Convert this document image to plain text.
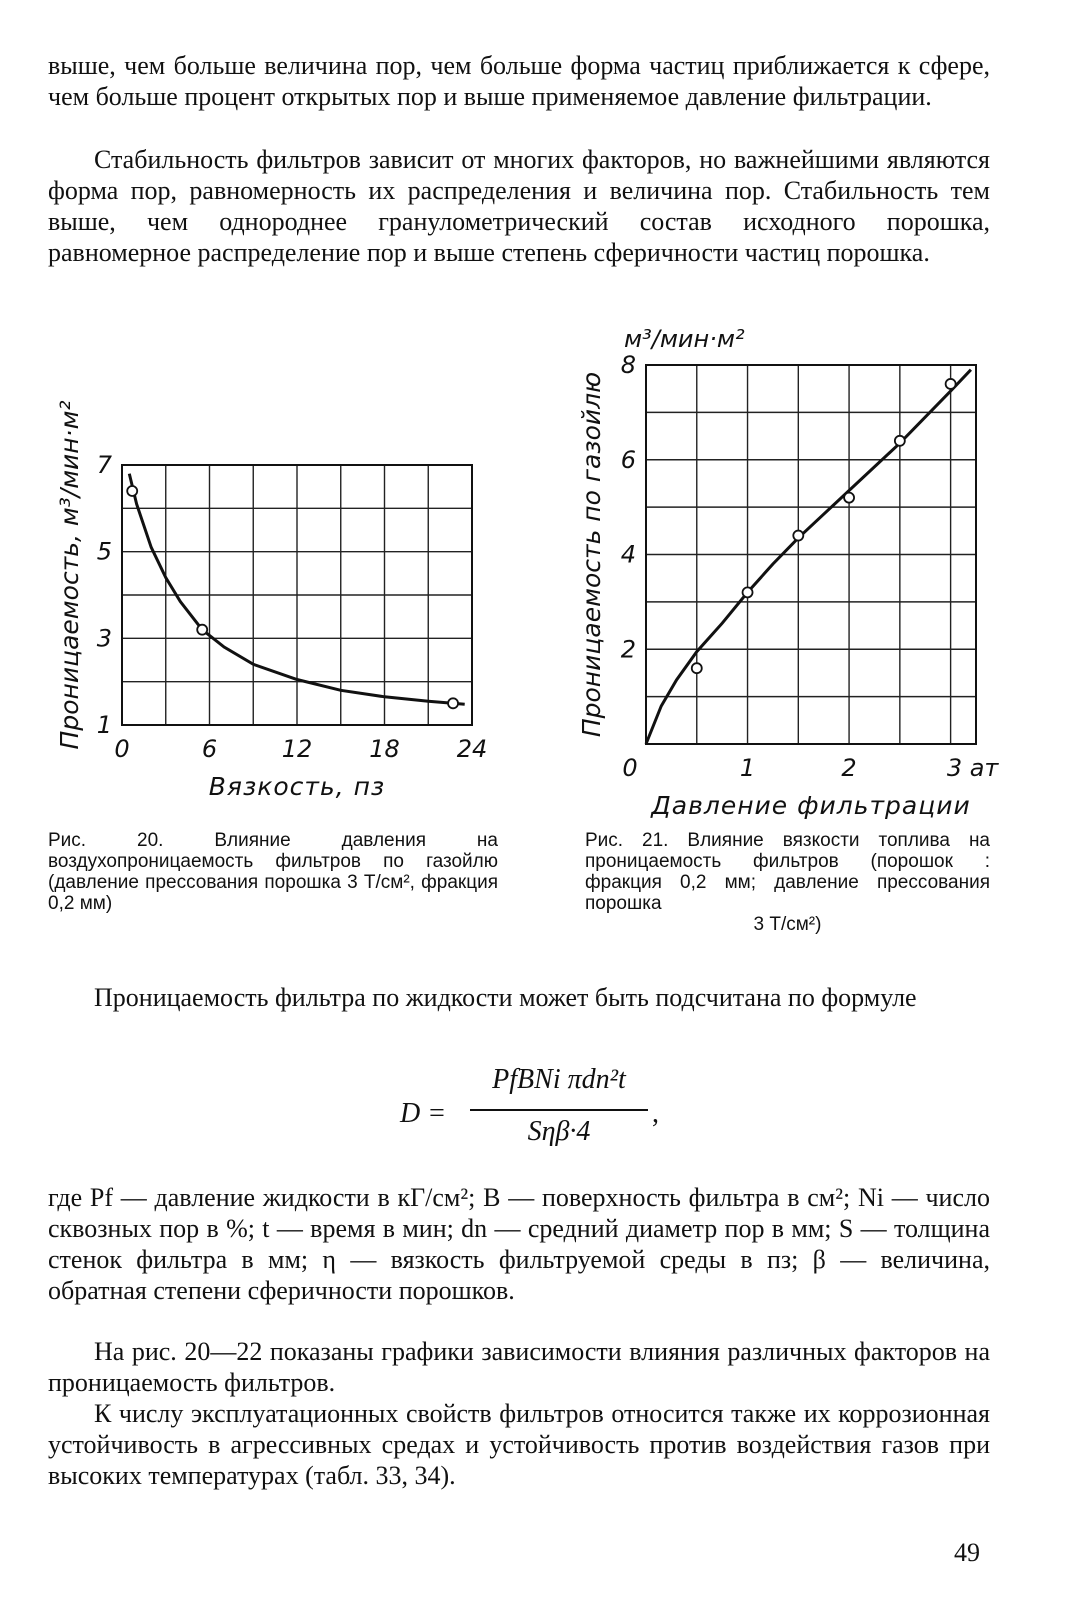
выше, чем больше величина пор, чем больше форма частиц приближается к сфере, чем больше процент открытых пор и выше применяемое давление фильтрации.

Стабильность фильтров зависит от многих факторов, но важнейшими являются форма пор, равномерность их распределения и величина пор. Стабильность тем выше, чем однороднее гранулометрический состав исходного порошка, равномерное распределение пор и выше степень сферичности частиц порошка.

0	6	12 18 24
1
3
5
7
Вязкость, пз
Проницаемость, м³/мин·м²
0	1	2	3 ат
2
4
6
8
Давление фильтрации
Проницаемость по газойлю
м³/мин·м²
Рис. 20. Влияние давления на воздухопроницаемость фильтров по газойлю (давление прессования порошка 3 Т/см², фракция 0,2 мм)
Рис. 21. Влияние вязкости топлива на проницаемость фильтров (порошок : фракция 0,2 мм; давление прессования порошка
3 Т/см²)

Проницаемость фильтра по жидкости может быть подсчитана по формуле

D =
PfBNi πdn²t
Sηβ·4
,

где Pf — давление жидкости в кГ/см²; B — поверхность фильтра в см²; Ni — число сквозных пор в %; t — время в мин; dn — средний диаметр пор в мм; S — толщина стенок фильтра в мм; η — вязкость фильтруемой среды в пз; β — величина, обратная степени сферичности порошков.

На рис. 20—22 показаны графики зависимости влияния различных факторов на проницаемость фильтров.

К числу эксплуатационных свойств фильтров относится также их коррозионная устойчивость в агрессивных средах и устойчивость против воздействия газов при высоких температурах (табл. 33, 34).

49
